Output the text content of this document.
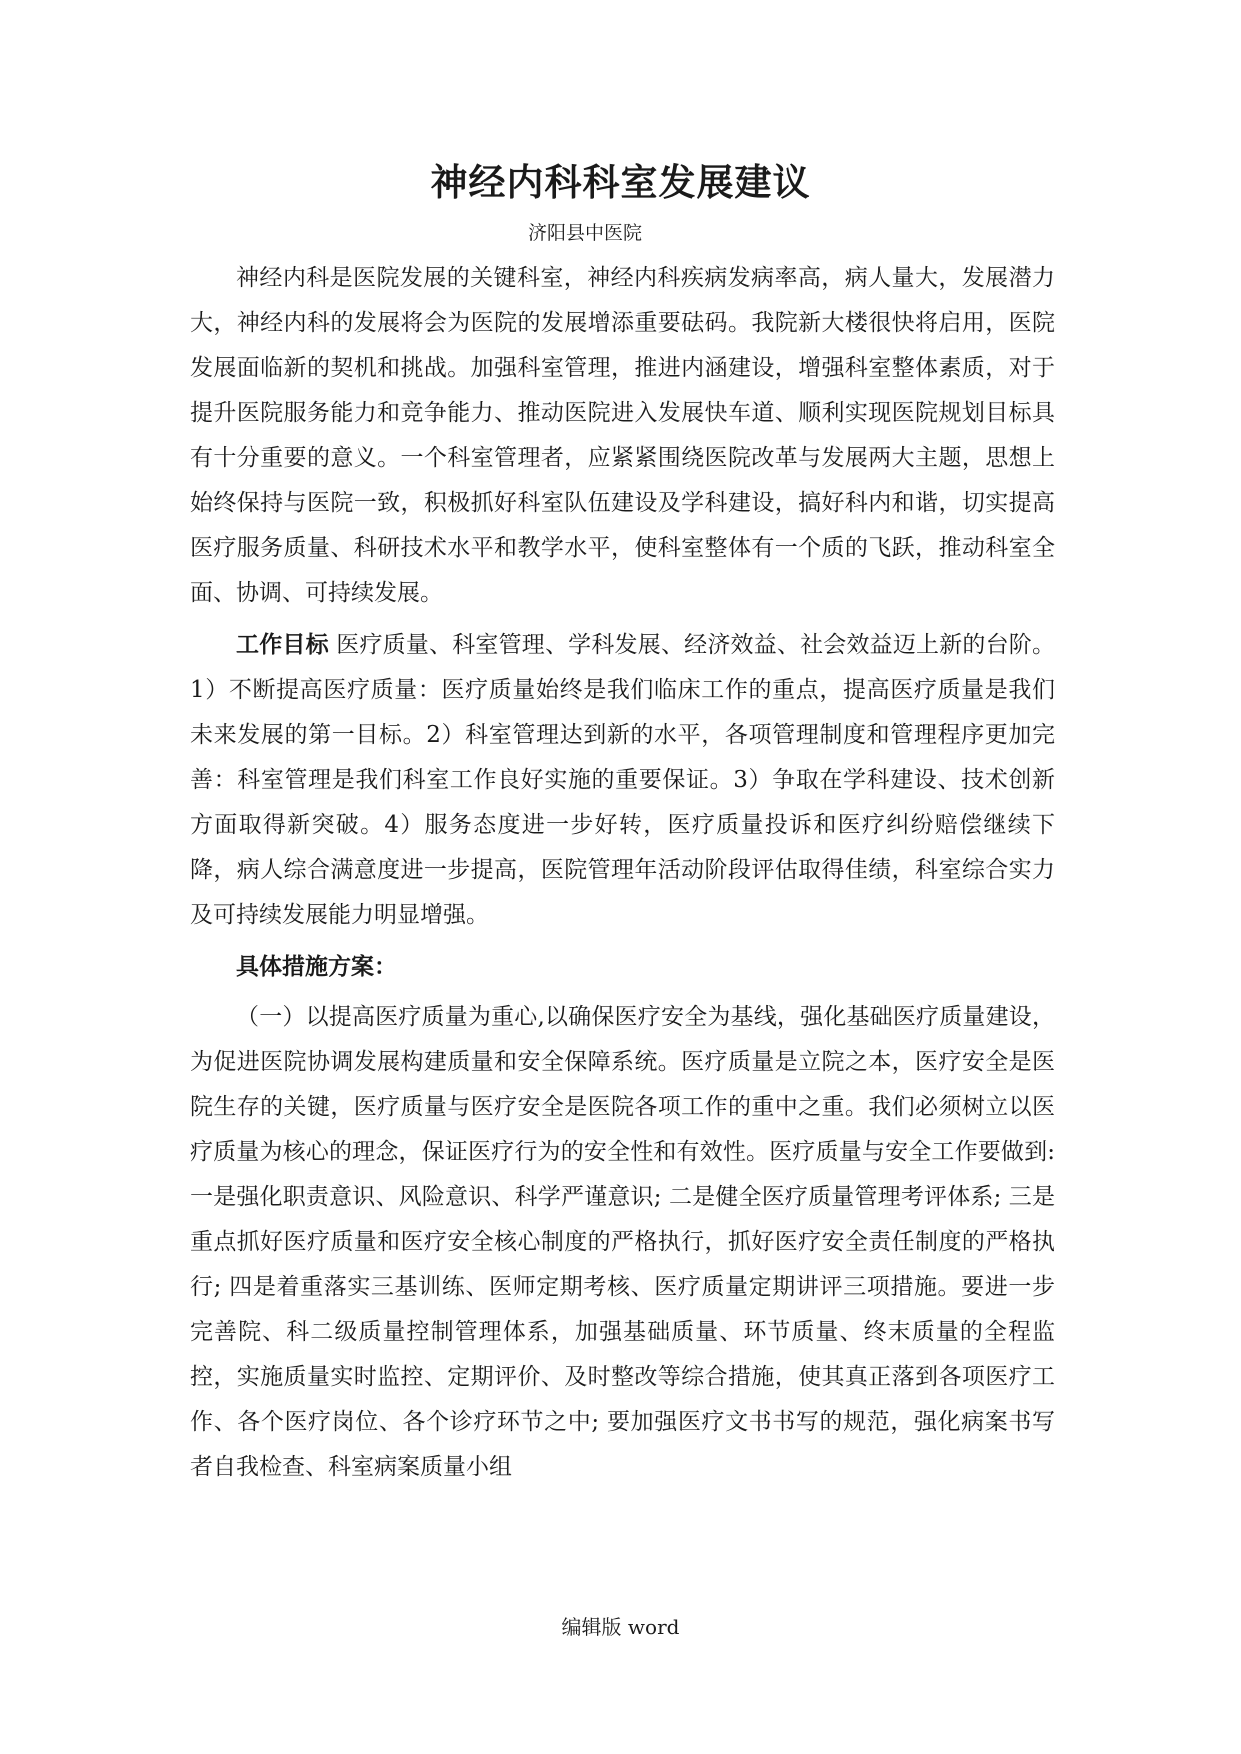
神经内科科室发展建议
济阳县中医院

神经内科是医院发展的关键科室，神经内科疾病发病率高，病人量大，发展潜力大，神经内科的发展将会为医院的发展增添重要砝码。我院新大楼很快将启用，医院发展面临新的契机和挑战。加强科室管理，推进内涵建设，增强科室整体素质，对于提升医院服务能力和竞争能力、推动医院进入发展快车道、顺利实现医院规划目标具有十分重要的意义。一个科室管理者，应紧紧围绕医院改革与发展两大主题，思想上始终保持与医院一致，积极抓好科室队伍建设及学科建设，搞好科内和谐，切实提高医疗服务质量、科研技术水平和教学水平，使科室整体有一个质的飞跃，推动科室全面、协调、可持续发展。

工作目标 医疗质量、科室管理、学科发展、经济效益、社会效益迈上新的台阶。1）不断提高医疗质量：医疗质量始终是我们临床工作的重点，提高医疗质量是我们未来发展的第一目标。2）科室管理达到新的水平，各项管理制度和管理程序更加完善：科室管理是我们科室工作良好实施的重要保证。3）争取在学科建设、技术创新方面取得新突破。4）服务态度进一步好转，医疗质量投诉和医疗纠纷赔偿继续下降，病人综合满意度进一步提高，医院管理年活动阶段评估取得佳绩，科室综合实力及可持续发展能力明显增强。

具体措施方案：

（一）以提高医疗质量为重心,以确保医疗安全为基线，强化基础医疗质量建设，为促进医院协调发展构建质量和安全保障系统。医疗质量是立院之本，医疗安全是医院生存的关键，医疗质量与医疗安全是医院各项工作的重中之重。我们必须树立以医疗质量为核心的理念，保证医疗行为的安全性和有效性。医疗质量与安全工作要做到: 一是强化职责意识、风险意识、科学严谨意识; 二是健全医疗质量管理考评体系; 三是重点抓好医疗质量和医疗安全核心制度的严格执行，抓好医疗安全责任制度的严格执行; 四是着重落实三基训练、医师定期考核、医疗质量定期讲评三项措施。要进一步完善院、科二级质量控制管理体系，加强基础质量、环节质量、终末质量的全程监控，实施质量实时监控、定期评价、及时整改等综合措施，使其真正落到各项医疗工作、各个医疗岗位、各个诊疗环节之中; 要加强医疗文书书写的规范，强化病案书写者自我检查、科室病案质量小组

编辑版 word
